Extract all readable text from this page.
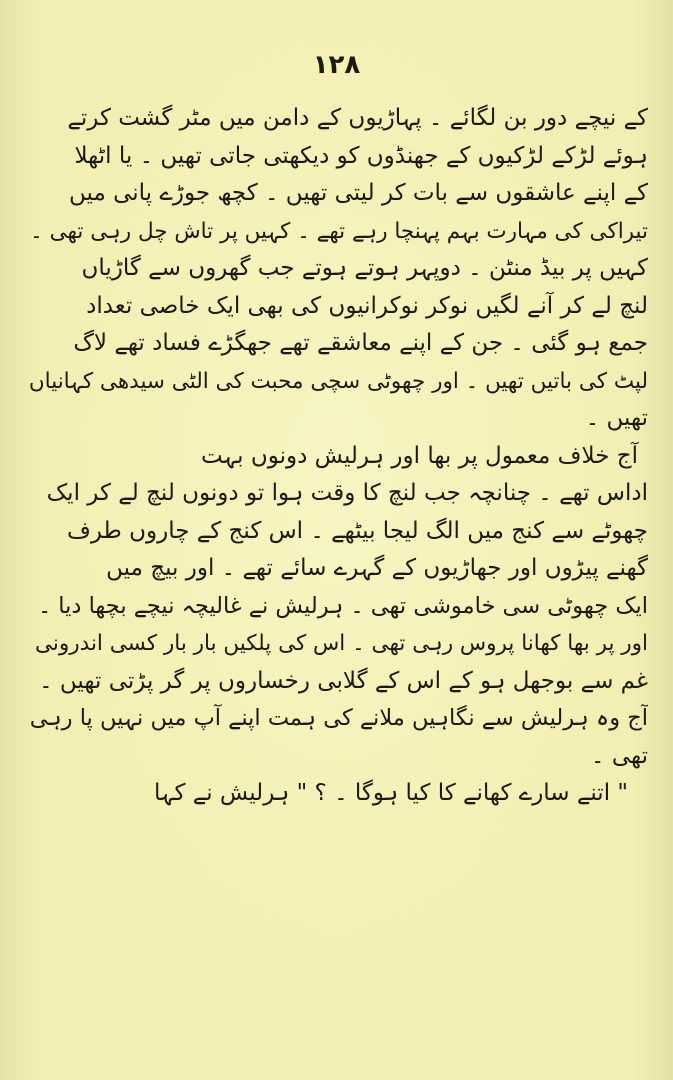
۱۲۸
کے نیچے دور بن لگائے ۔ پہاڑیوں کے دامن میں مٹر گشت کرتے
ہوئے لڑکے لڑکیوں کے جھنڈوں کو دیکھتی جاتی تھیں ۔ یا اٹھلا
کے اپنے عاشقوں سے بات کر لیتی تھیں ۔ کچھ جوڑے پانی میں
تیراکی کی مہارت بہم پہنچا رہے تھے ۔ کہیں پر تاش چل رہی تھی ۔
کہیں پر بیڈ منٹن ۔ دوپہر ہوتے ہوتے جب گھروں سے گاڑیاں
لنچ لے کر آنے لگیں نوکر نوکرانیوں کی بھی ایک خاصی تعداد
جمع ہو گئی ۔ جن کے اپنے معاشقے تھے جھگڑے فساد تھے لاگ
لپٹ کی باتیں تھیں ۔ اور چھوٹی سچی محبت کی الٹی سیدھی کہانیاں
تھیں ۔
آج خلاف معمول پر بھا اور ہرلیش دونوں بہت
اداس تھے ۔ چنانچہ جب لنچ کا وقت ہوا تو دونوں لنچ لے کر ایک
چھوٹے سے کنج میں الگ لیجا بیٹھے ۔ اس کنج کے چاروں طرف
گھنے پیڑوں اور جھاڑیوں کے گہرے سائے تھے ۔ اور بیچ میں
ایک چھوٹی سی خاموشی تھی ۔ ہرلیش نے غالیچہ نیچے بچھا دیا ۔
اور پر بھا کھانا پروس رہی تھی ۔ اس کی پلکیں بار بار کسی اندرونی
غم سے بوجھل ہو کے اس کے گلابی رخساروں پر گر پڑتی تھیں ۔
آج وہ ہرلیش سے نگاہیں ملانے کی ہمت اپنے آپ میں نہیں پا رہی
تھی ۔
" اتنے سارے کھانے کا کیا ہوگا ۔ ؟ " ہرلیش نے کہا
